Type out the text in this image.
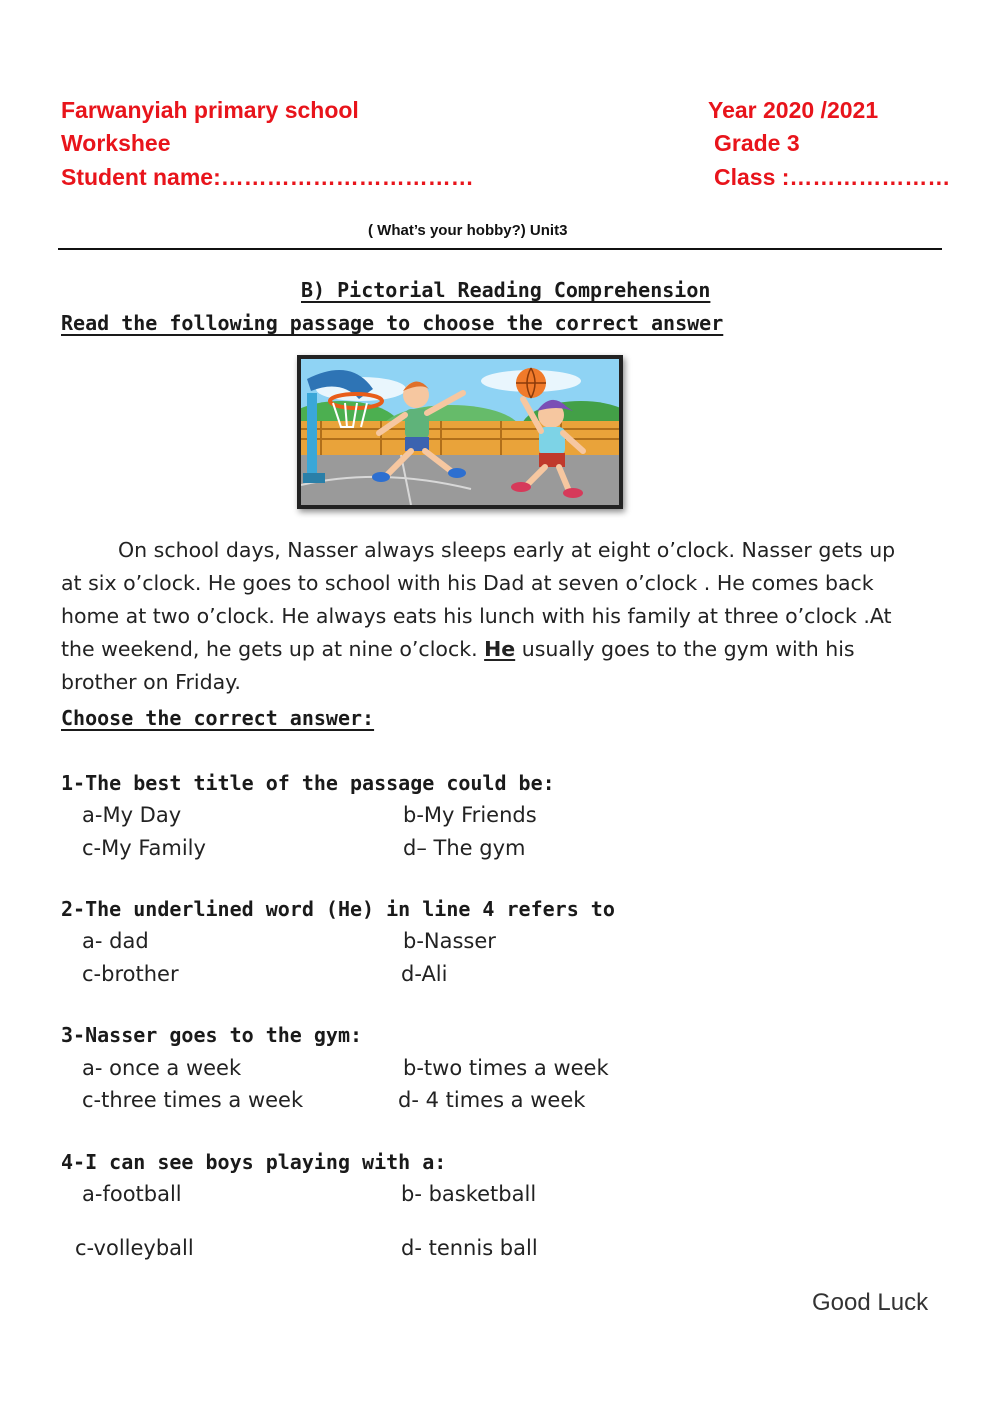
Farwanyiah primary school	Year 2020 /2021
Workshee	Grade 3
Student name:……………………………	Class :…………………
( What’s your hobby?) Unit3
B) Pictorial Reading Comprehension
Read the following passage to choose the correct answer
On school days, Nasser always sleeps early at eight o’clock. Nasser gets up
at six o’clock. He goes to school with his Dad at seven o’clock . He comes back
home at two o’clock. He always eats his lunch with his family at three o’clock .At
the weekend, he gets up at nine o’clock. He usually goes to the gym with his
brother on Friday.
Choose the correct answer:
1-The best title of the passage could be:
a-My Day	b-My Friends
c-My Family	d– The gym
2-The underlined word (He) in line 4 refers to
a- dad	b-Nasser
c-brother	d-Ali
3-Nasser goes to the gym:
a- once a week	b-two times a week
c-three times a week	d- 4 times a week
4-I can see boys playing with a:
a-football	b- basketball
c-volleyball	d- tennis ball
Good Luck
